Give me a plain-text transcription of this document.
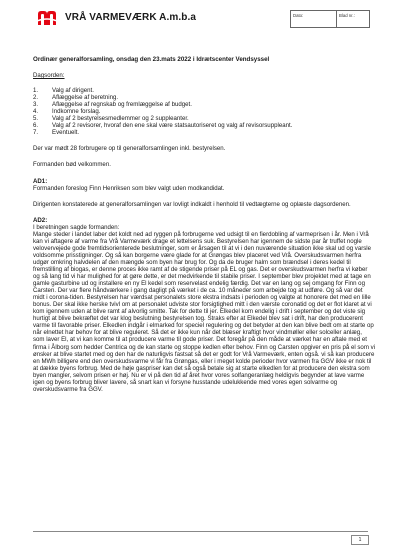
VRÅ VARMEVÆRK A.m.b.a	Dato:	Blad nr.:
Ordinær generalforsamling, onsdag den 23.mats 2022 i Idrætscenter Vendsyssel
Dagsorden:
1.	Valg af dirigent.
2.	Aflæggelse af beretning.
3.	Aflæggelse af regnskab og fremlæggelse af budget.
4.	Indkomne forslag.
5.	Valg af 2 bestyrelsesmedlemmer og 2 suppleanter.
6.	Valg af 2 revisorer, hvoraf den ene skal være statsautoriseret og valg af revisorsuppleant.
7.	Eventuelt.

Der var mødt 28 forbrugere op til generalforsamlingen inkl. bestyrelsen.

Formanden bød velkommen.

AD1:

Formanden foreslog Finn Henriksen som blev valgt uden modkandidat.

Dirigenten konstaterede at generalforsamlingen var lovligt indkaldt i henhold til vedtægterne og oplæste dagsordenen.

AD2:
I beretningen sagde formanden:

Mange steder i landet laber det koldt ned ad ryggen på forbrugerne ved udsigt til en fierdobling af varmeprisen i år. Men i Vrå kan vi aftagere af varme fra Vrå Varmeværk drage et lettelsens suk. Bestyrelsen har igennem de sidste par år truffet nogle velovervejede gode fremtidsorienterede beslutninger, som er årsagen til at vi i den nuværende situation ikke skal ud og varsle voldsomme prisstigninger. Og så kan borgerne være glade for at Grøngas blev placeret ved Vrå. Overskudsvarmen herfra udgør omkring halvdelen af den mængde som byen har brug for. Og da de bruger halm som brændsel i deres kedel til fremstilling af biogas, er denne proces ikke ramt af de stigende priser på EL og gas. Det er overskudsvarmen herfra vi køber og så lang tid vi har mulighed for at gøre dette, er det medvirkende til stabile priser. I september blev projektet med at tage en gamle gasturbine ud og installere en ny El kedel som reservelast endelig færdig. Det var en lang og sej omgang for Finn og Carsten. Der var flere håndværkere i gang dagligt på værket i de ca. 10 måneder som arbejde tog at udføre. Og så var det midt i corona-tiden. Bestyrelsen har værdsat personalets store ekstra indsats i perioden og valgte at honorere det med en lille bonus. Der skal ikke herske tvivl om at personalet udviste stor forsigtighed mitt i den værste coronatid og det er flot klaret at vi kom igennem uden at blive ramt af alvorlig smitte. Tak for dette til jer. Elkedel kom endelig i drift i september og det viste sig hurtigt at blive bekræftet det var klog beslutning bestyrelsen tog. Straks efter at Elkedel blev sat i drift, har den producerent varme til favorable priser. Elkedlen indgår i elmarked for speciel regulering og det betyder at den kan blive bedt om at starte op når elnettet har behov for at blive reguleret. Så det er ikke kun når det blæser kraftigt hvor vindmøller eller solceller anlæg, som laver El, at vi kan komme til at producere varme til gode priser. Det foregår på den måde at værket har en aftale med et firma i Ålborg som hedder Centrica og de kan starte og stoppe kedlen efter behov. Finn og Carsten opgiver en pris på el som vi ønsker at blive startet med og den har de naturligvis fastsat så det er godt for Vrå Varmeværk, enten også. vi så kan producere en MWh billigere end den overskudsvarme vi får fra Grøngas, eller i meget kolde perioder hvor varmen fra GGV ikke er nok til at dække byens forbrug. Med de høje gaspriser kan det så også betale sig at starte elkedlen for at producere den ekstra som byen mangler, selvom prisen er høj. Nu er vi på den tid af året hvor vores solfangeranlæg heldigvis begynder at lave varme igen og byens forbrug bliver lavere, så snart kan vi forsyne husstande udelukkende med vores egen solvarme og overskudsvarme fra GGV.

1
